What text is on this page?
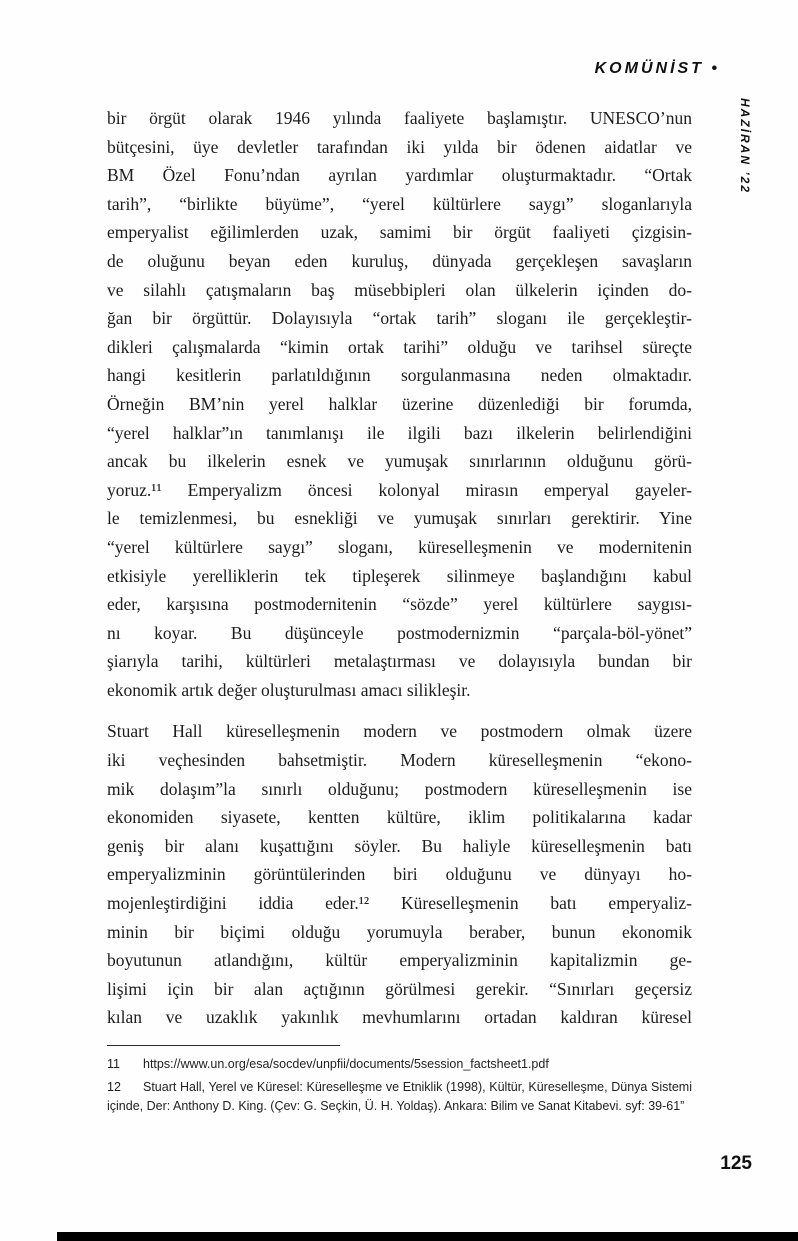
KOMÜNİST •
HAZİRAN ’22
bir örgüt olarak 1946 yılında faaliyete başlamıştır. UNESCO’nun
bütçesini, üye devletler tarafından iki yılda bir ödenen aidatlar ve
BM Özel Fonu’ndan ayrılan yardımlar oluşturmaktadır. “Ortak
tarih”, “birlikte büyüme”, “yerel kültürlere saygı” sloganlarıyla
emperyalist eğilimlerden uzak, samimi bir örgüt faaliyeti çizgisin-
de oluğunu beyan eden kuruluş, dünyada gerçekleşen savaşların
ve silahlı çatışmaların baş müsebbipleri olan ülkelerin içinden do-
ğan bir örgüttür. Dolayısıyla “ortak tarih” sloganı ile gerçekleştir-
dikleri çalışmalarda “kimin ortak tarihi” olduğu ve tarihsel süreçte
hangi kesitlerin parlatıldığının sorgulanmasına neden olmaktadır.
Örneğin BM’nin yerel halklar üzerine düzenlediği bir forumda,
“yerel halklar”ın tanımlanışı ile ilgili bazı ilkelerin belirlendiğini
ancak bu ilkelerin esnek ve yumuşak sınırlarının olduğunu görü-
yoruz.¹¹ Emperyalizm öncesi kolonyal mirasın emperyal gayeler-
le temizlenmesi, bu esnekliği ve yumuşak sınırları gerektirir. Yine
“yerel kültürlere saygı” sloganı, küreselleşmenin ve modernitenin
etkisiyle yerelliklerin tek tipleşerek silinmeye başlandığını kabul
eder, karşısına postmodernitenin “sözde” yerel kültürlere saygısı-
nı koyar. Bu düşünceyle postmodernizmin “parçala-böl-yönet”
şiarıyla tarihi, kültürleri metalaştırması ve dolayısıyla bundan bir
ekonomik artık değer oluşturulması amacı silikleşir.
Stuart Hall küreselleşmenin modern ve postmodern olmak üzere
iki veçhesinden bahsetmiştir. Modern küreselleşmenin “ekono-
mik dolaşım”la sınırlı olduğunu; postmodern küreselleşmenin ise
ekonomiden siyasete, kentten kültüre, iklim politikalarına kadar
geniş bir alanı kuşattığını söyler. Bu haliyle küreselleşmenin batı
emperyalizminin görüntülerinden biri olduğunu ve dünyayı ho-
mojenleştirdiğini iddia eder.¹² Küreselleşmenin batı emperyaliz-
minin bir biçimi olduğu yorumuyla beraber, bunun ekonomik
boyutunun atlandığını, kültür emperyalizminin kapitalizmin ge-
lişimi için bir alan açtığının görülmesi gerekir. “Sınırları geçersiz
kılan ve uzaklık yakınlık mevhumlarını ortadan kaldıran küresel
11 https://www.un.org/esa/socdev/unpfii/documents/5session_factsheet1.pdf
12 Stuart Hall, Yerel ve Küresel: Küreselleşme ve Etniklik (1998), Kültür, Küreselleşme, Dünya Sistemi içinde, Der: Anthony D. King. (Çev: G. Seçkin, Ü. H. Yoldaş). Ankara: Bilim ve Sanat Kitabevi. syf: 39-61”
125
